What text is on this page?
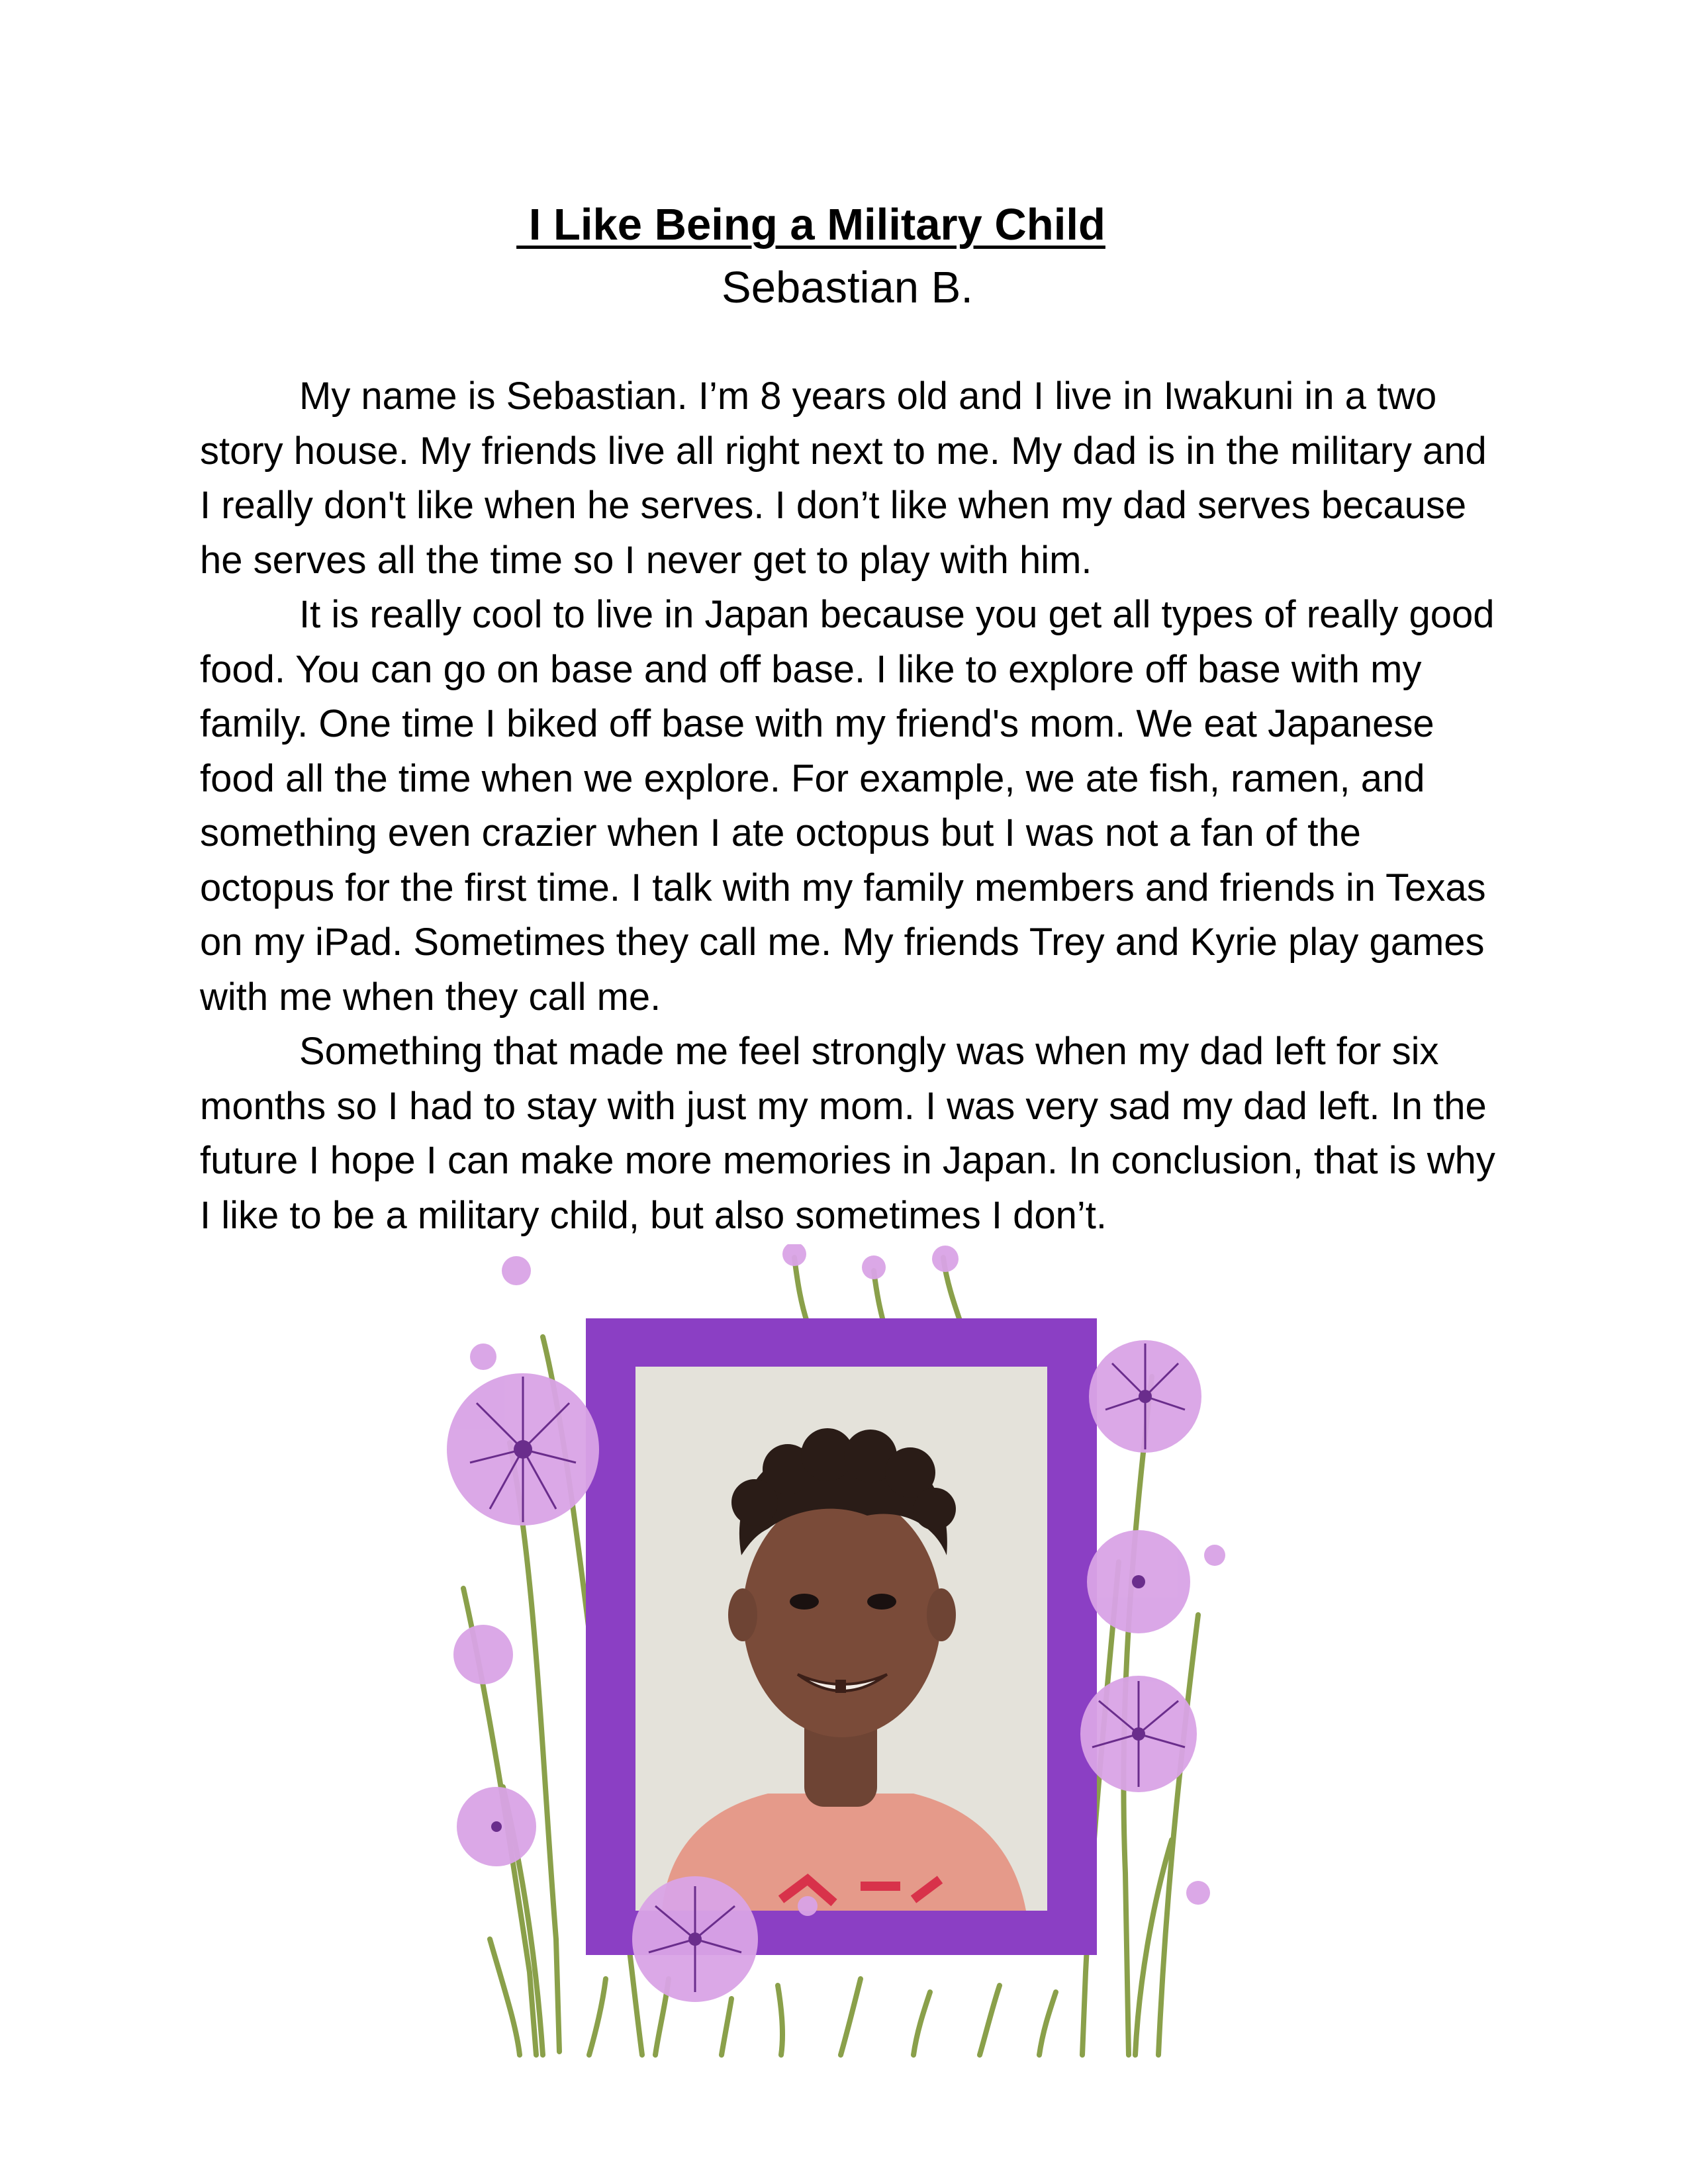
I Like Being a Military Child
Sebastian B.

My name is Sebastian. I’m 8 years old and I live in Iwakuni in a two story house. My friends live all right next to me. My dad is in the military and I really don't like when he serves. I don’t like when my dad serves because he serves all the time so I never get to play with him.

It is really cool to live in Japan because you get all types of really good food. You can go on base and off base. I like to explore off base with my family. One time I biked off base with my friend's mom. We eat Japanese food all the time when we explore. For example, we ate fish, ramen, and something even crazier when I ate octopus but I was not a fan of the octopus for the first time. I talk with my family members and friends in Texas on my iPad. Sometimes they call me. My friends Trey and Kyrie play games with me when they call me.

Something that made me feel strongly was when my dad left for six months so I had to stay with just my mom. I was very sad my dad left. In the future I hope I can make more memories in Japan. In conclusion, that is why I like to be a military child, but also sometimes I don’t.
